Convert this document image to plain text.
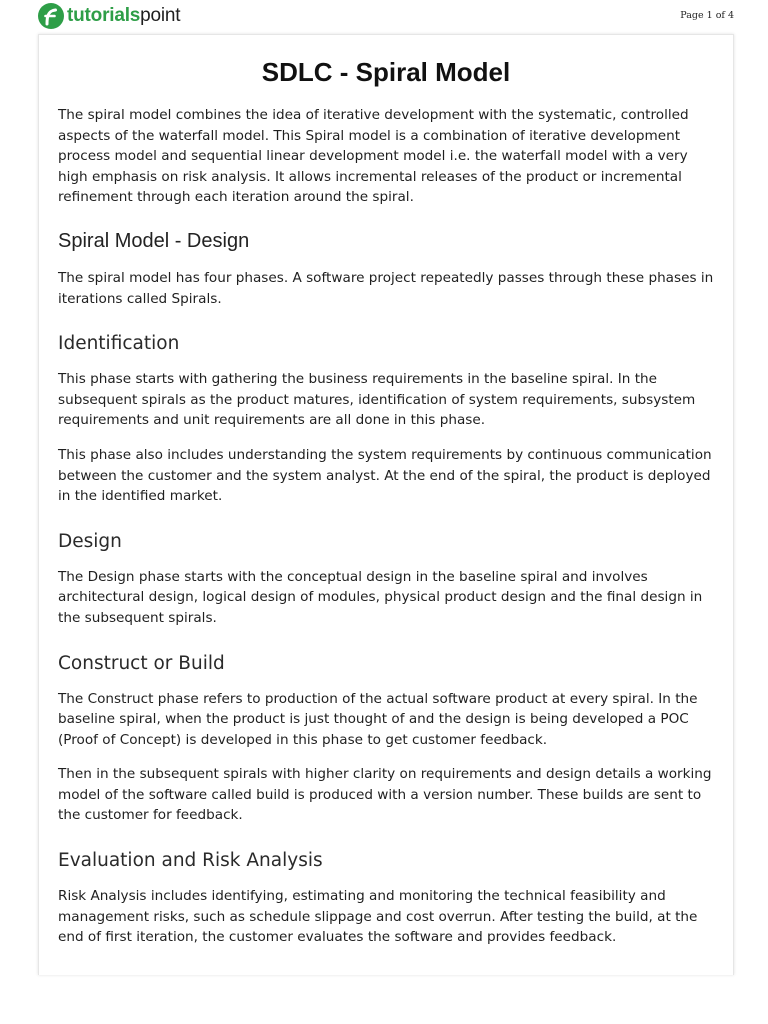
tutorialspoint	Page 1 of 4
SDLC - Spiral Model

The spiral model combines the idea of iterative development with the systematic, controlled aspects of the waterfall model. This Spiral model is a combination of iterative development process model and sequential linear development model i.e. the waterfall model with a very high emphasis on risk analysis. It allows incremental releases of the product or incremental refinement through each iteration around the spiral.

Spiral Model - Design

The spiral model has four phases. A software project repeatedly passes through these phases in iterations called Spirals.

Identification

This phase starts with gathering the business requirements in the baseline spiral. In the subsequent spirals as the product matures, identification of system requirements, subsystem requirements and unit requirements are all done in this phase.

This phase also includes understanding the system requirements by continuous communication between the customer and the system analyst. At the end of the spiral, the product is deployed in the identified market.

Design

The Design phase starts with the conceptual design in the baseline spiral and involves architectural design, logical design of modules, physical product design and the final design in the subsequent spirals.

Construct or Build

The Construct phase refers to production of the actual software product at every spiral. In the baseline spiral, when the product is just thought of and the design is being developed a POC (Proof of Concept) is developed in this phase to get customer feedback.

Then in the subsequent spirals with higher clarity on requirements and design details a working model of the software called build is produced with a version number. These builds are sent to the customer for feedback.

Evaluation and Risk Analysis

Risk Analysis includes identifying, estimating and monitoring the technical feasibility and management risks, such as schedule slippage and cost overrun. After testing the build, at the end of first iteration, the customer evaluates the software and provides feedback.
